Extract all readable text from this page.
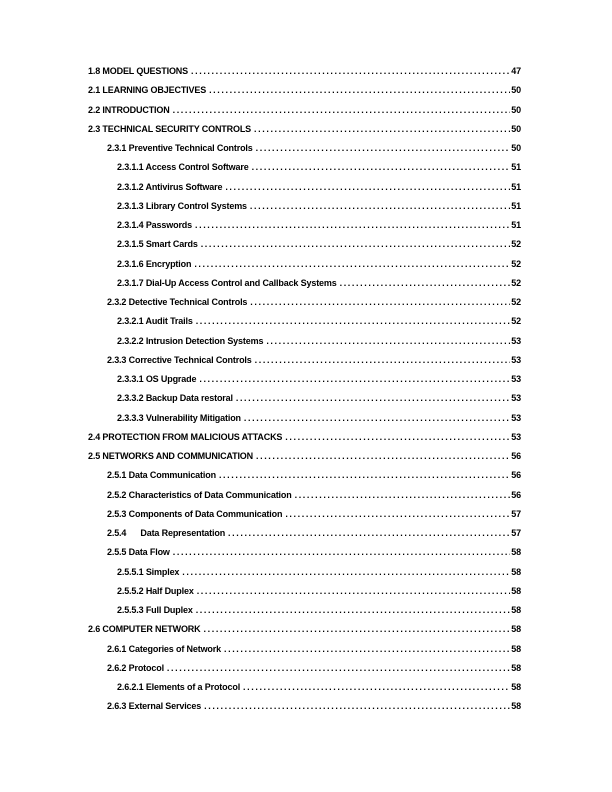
1.8 MODEL QUESTIONS .....	47
2.1 LEARNING OBJECTIVES .....	50
2.2 INTRODUCTION .....	50
2.3 TECHNICAL SECURITY CONTROLS .....	50
2.3.1 Preventive Technical Controls .....	50
2.3.1.1 Access Control Software .....	51
2.3.1.2 Antivirus Software .....	51
2.3.1.3 Library Control Systems .....	51
2.3.1.4 Passwords .....	51
2.3.1.5 Smart Cards .....	52
2.3.1.6 Encryption .....	52
2.3.1.7 Dial-Up Access Control and Callback Systems .....	52
2.3.2 Detective Technical Controls .....	52
2.3.2.1 Audit Trails .....	52
2.3.2.2 Intrusion Detection Systems .....	53
2.3.3 Corrective Technical Controls .....	53
2.3.3.1 OS Upgrade .....	53
2.3.3.2 Backup Data restoral .....	53
2.3.3.3 Vulnerability Mitigation .....	53
2.4 PROTECTION FROM MALICIOUS ATTACKS .....	53
2.5 NETWORKS AND COMMUNICATION .....	56
2.5.1 Data Communication .....	56
2.5.2 Characteristics of Data Communication .....	56
2.5.3 Components of Data Communication .....	57
2.5.4      Data Representation .....	57
2.5.5 Data Flow .....	58
2.5.5.1 Simplex .....	58
2.5.5.2 Half Duplex .....	58
2.5.5.3 Full Duplex .....	58
2.6 COMPUTER NETWORK .....	58
2.6.1 Categories of Network .....	58
2.6.2 Protocol .....	58
2.6.2.1 Elements of a Protocol .....	58
2.6.3 External Services .....	58
